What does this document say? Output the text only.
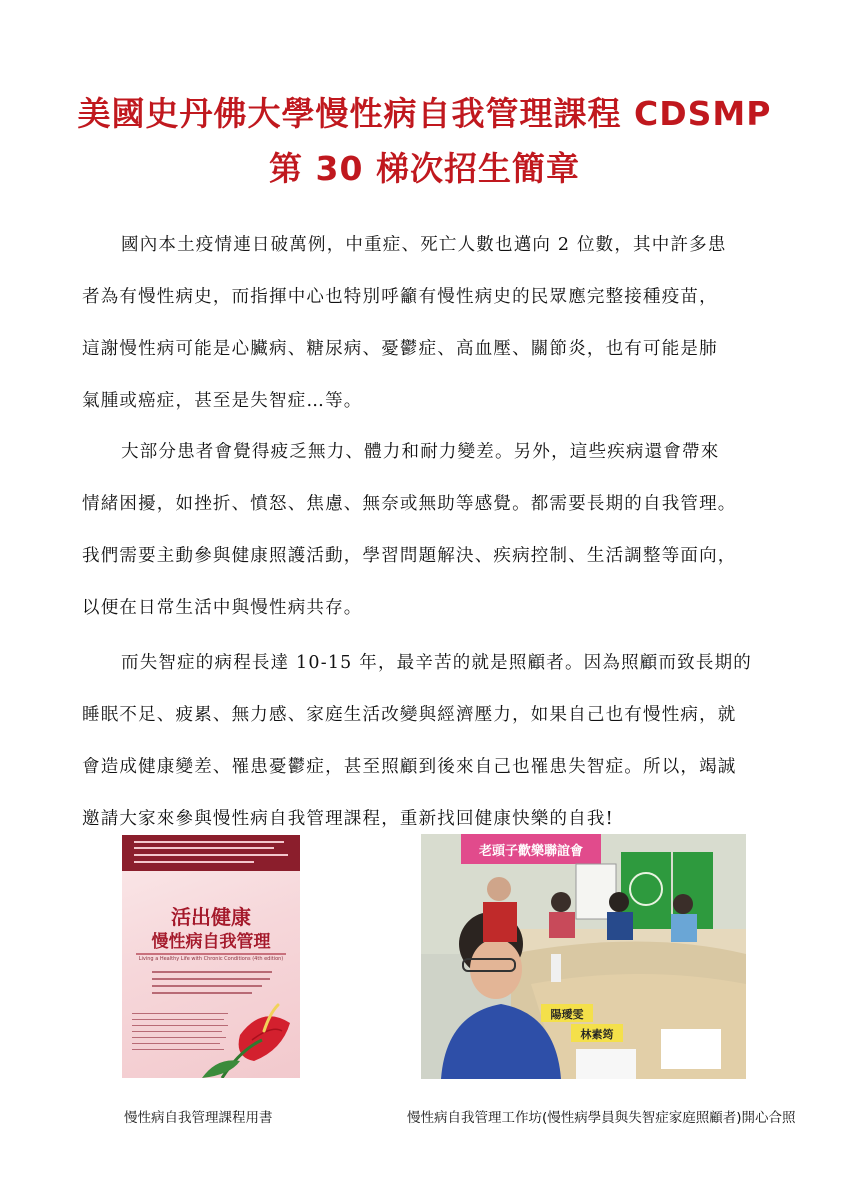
美國史丹佛大學慢性病自我管理課程 CDSMP
第 30 梯次招生簡章
國內本土疫情連日破萬例，中重症、死亡人數也邁向 2 位數，其中許多患
者為有慢性病史，而指揮中心也特別呼籲有慢性病史的民眾應完整接種疫苗，
這謝慢性病可能是心臟病、糖尿病、憂鬱症、高血壓、關節炎，也有可能是肺
氣腫或癌症，甚至是失智症…等。
大部分患者會覺得疲乏無力、體力和耐力變差。另外，這些疾病還會帶來
情緒困擾，如挫折、憤怒、焦慮、無奈或無助等感覺。都需要長期的自我管理。
我們需要主動參與健康照護活動，學習問題解決、疾病控制、生活調整等面向，
以便在日常生活中與慢性病共存。
而失智症的病程長達 10-15 年，最辛苦的就是照顧者。因為照顧而致長期的
睡眠不足、疲累、無力感、家庭生活改變與經濟壓力，如果自己也有慢性病，就
會造成健康變差、罹患憂鬱症，甚至照顧到後來自己也罹患失智症。所以，竭誠
邀請大家來參與慢性病自我管理課程，重新找回健康快樂的自我!
活出健康
慢性病自我管理
Living a Healthy Life with Chronic Conditions (4th edition)
老頭子歡樂聯誼會
陽璦雯
林素筠
慢性病自我管理課程用書	慢性病自我管理工作坊(慢性病學員與失智症家庭照顧者)開心合照
